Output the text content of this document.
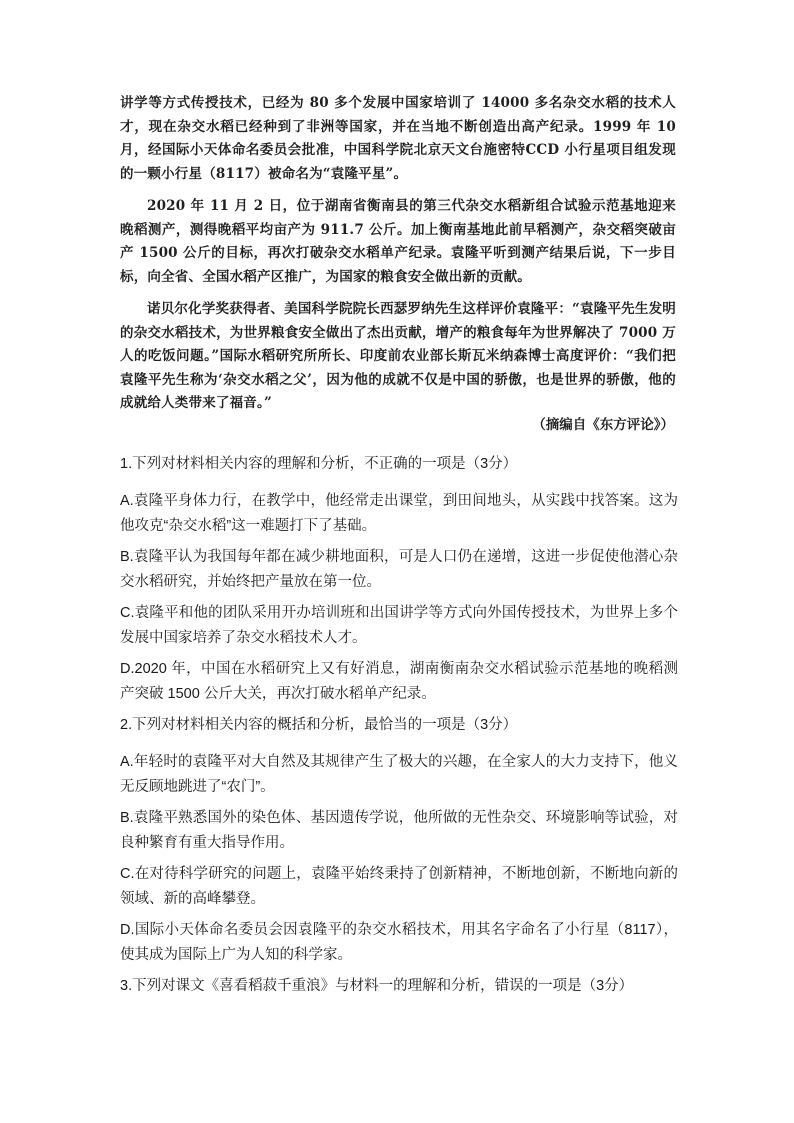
讲学等方式传授技术，已经为 80 多个发展中国家培训了 14000 多名杂交水稻的技术人才，现在杂交水稻已经种到了非洲等国家，并在当地不断创造出高产纪录。1999 年 10 月，经国际小天体命名委员会批准，中国科学院北京天文台施密特CCD 小行星项目组发现的一颗小行星（8117）被命名为“袁隆平星”。

2020 年 11 月 2 日，位于湖南省衡南县的第三代杂交水稻新组合试验示范基地迎来晚稻测产，测得晚稻平均亩产为 911.7 公斤。加上衡南基地此前早稻测产，杂交稻突破亩产 1500 公斤的目标，再次打破杂交水稻单产纪录。袁隆平听到测产结果后说，下一步目标，向全省、全国水稻产区推广，为国家的粮食安全做出新的贡献。

诺贝尔化学奖获得者、美国科学院院长西瑟罗纳先生这样评价袁隆平：“袁隆平先生发明的杂交水稻技术，为世界粮食安全做出了杰出贡献，增产的粮食每年为世界解决了 7000 万人的吃饭问题。”国际水稻研究所所长、印度前农业部长斯瓦米纳森博士高度评价：“我们把袁隆平先生称为‘杂交水稻之父’，因为他的成就不仅是中国的骄傲，也是世界的骄傲，他的成就给人类带来了福音。”

（摘编自《东方评论》）

1.下列对材料相关内容的理解和分析，不正确的一项是（3分）

A.袁隆平身体力行，在教学中，他经常走出课堂，到田间地头，从实践中找答案。这为他攻克“杂交水稻”这一难题打下了基础。

B.袁隆平认为我国每年都在减少耕地面积，可是人口仍在递增，这进一步促使他潜心杂交水稻研究，并始终把产量放在第一位。

C.袁隆平和他的团队采用开办培训班和出国讲学等方式向外国传授技术，为世界上多个发展中国家培养了杂交水稻技术人才。

D.2020 年，中国在水稻研究上又有好消息，湖南衡南杂交水稻试验示范基地的晚稻测产突破 1500 公斤大关，再次打破水稻单产纪录。

2.下列对材料相关内容的概括和分析，最恰当的一项是（3分）

A.年轻时的袁隆平对大自然及其规律产生了极大的兴趣，在全家人的大力支持下，他义无反顾地跳进了“农门”。

B.袁隆平熟悉国外的染色体、基因遗传学说，他所做的无性杂交、环境影响等试验，对良种繁育有重大指导作用。

C.在对待科学研究的问题上，袁隆平始终秉持了创新精神，不断地创新，不断地向新的领域、新的高峰攀登。

D.国际小天体命名委员会因袁隆平的杂交水稻技术，用其名字命名了小行星（8117），使其成为国际上广为人知的科学家。

3.下列对课文《喜看稻菽千重浪》与材料一的理解和分析，错误的一项是（3分）
